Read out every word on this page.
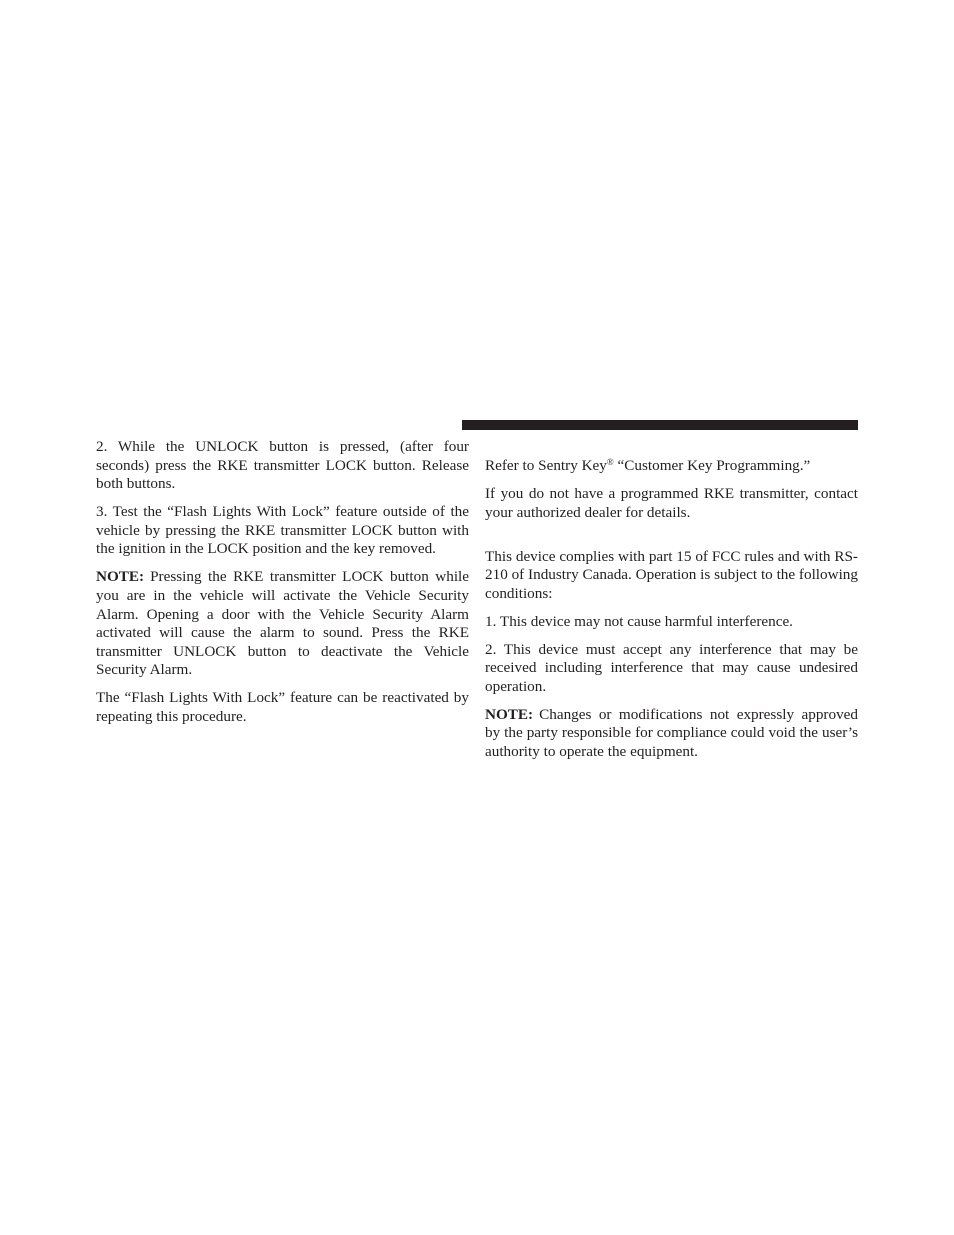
2. While the UNLOCK button is pressed, (after four seconds) press the RKE transmitter LOCK button. Release both buttons.

3. Test the “Flash Lights With Lock” feature outside of the vehicle by pressing the RKE transmitter LOCK button with the ignition in the LOCK position and the key removed.

NOTE: Pressing the RKE transmitter LOCK button while you are in the vehicle will activate the Vehicle Security Alarm. Opening a door with the Vehicle Security Alarm activated will cause the alarm to sound. Press the RKE transmitter UNLOCK button to deactivate the Vehicle Security Alarm.

The “Flash Lights With Lock” feature can be reactivated by repeating this procedure.

Refer to Sentry Key® “Customer Key Programming.”

If you do not have a programmed RKE transmitter, contact your authorized dealer for details.

This device complies with part 15 of FCC rules and with RS-210 of Industry Canada. Operation is subject to the following conditions:

1. This device may not cause harmful interference.

2. This device must accept any interference that may be received including interference that may cause undesired operation.

NOTE: Changes or modifications not expressly approved by the party responsible for compliance could void the user’s authority to operate the equipment.
